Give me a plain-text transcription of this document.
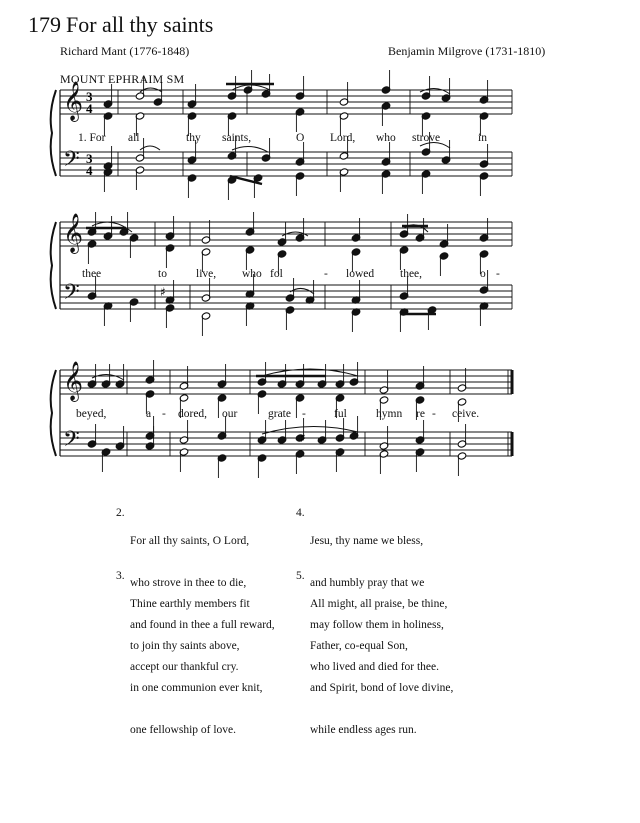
179 For all thy saints
Richard Mant (1776-1848)	Benjamin Milgrove (1731-1810)
MOUNT EPHRAIM SM
𝄞
𝄢
𝄞
𝄢
𝄞
𝄢
3
4
3
4
♯
♯
1. For all	thy saints,	O Lord, who strove	in
thee	to	live, who fol	- lowed thee,	o -
beyed,	a - dored, our	grate - ful	hymn re - ceive.

2.

For all thy saints, O Lord,

who strove in thee to die,

and found in thee a full reward,

accept our thankful cry.

3.

Thine earthly members fit

to join thy saints above,

in one communion ever knit,

one fellowship of love.

4.

Jesu, thy name we bless,

and humbly pray that we

may follow them in holiness,

who lived and died for thee.

5.

All might, all praise, be thine,

Father, co-equal Son,

and Spirit, bond of love divine,

while endless ages run.
